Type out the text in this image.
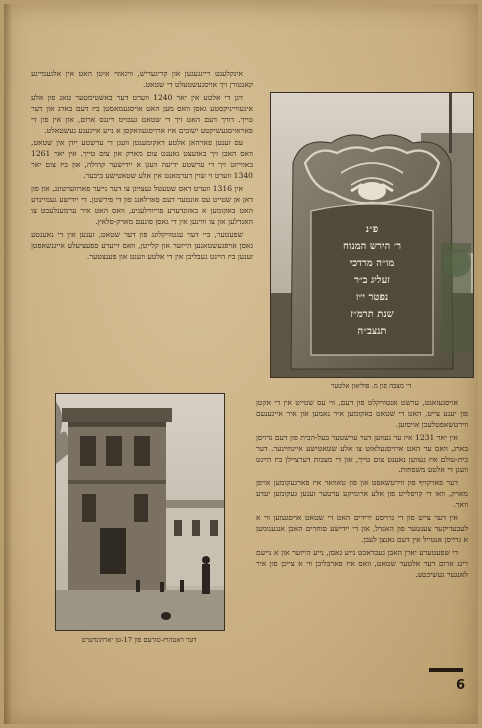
אינקלעגט ריינגעגען און קריגעריש, וויגאזוי איטן האט אין אלגעמיינע קאנטורן זיך אויסגעשטעלט די שטאט.

זיגן די אלטע אין יאר 1240 ווערט דער באשטימטער טאג פון אלע אינעווייניקסטע גאסן וואס מען האט אויסגעמאסטן ביז דעם בארג און דער טייך. דורך דעם האט זיך די שטאט געבויט רינגס ארום, און אין פון די פאראויסגעשיקטע ישובים איז ארויסגעוואקסן א נייע אייגענע געשטאלט.

עס זענען פארהאן אלטע דאקומענטן וועגן די ערשטע ייִדן אין שטאט, וואס האבן זיך באזעצט נאענט צום מארק און צום טייך. אין יאר 1261 באווייזט זיך די ערשטע ידיעה וועגן א ייִדישער קהילה, און ביז צום יאר 1340 ווערט זי שוין דערמאנט אין אלע שטאטישע ביכער.

אין 1316 ווערט דאס שטעטל געצויגן צו דער נייער פארווערטונג, און פון דאן אן שטייט עס אונטער דעם פארלאנג פון די פירשטן. די ייִדישע געמיינדע האט באקומען א באזונדערע פריווילעגיע, וואס האט איר ערמעגלעכט צו האנדלען און צו וווינען אין די גאסן פונעם מארק-פלאץ.

שפעטער, ביי דער ענטוויקלונג פון דער שטאט, זענען אין די נאענטע גאסן אויפגעשטאנען הייזער און קלייטן, וואס זייערע ספעציעלע אייגנשאפטן זענען ביז היינט געבליבן אין די אלטע ווענט און פענצטער.

פ״נ
ר׳ הירש המנוח
מו״ה מרדכי
זעליג ב״ר
נפטר י״ז
שנת תרמ״ז
תנצב״ה
די מצבה פון מ. פוליאון אלטער
דער ראטהויז-טורעם פון 17-טן יארהונדערט

אויסגעזאגט, ערשט אנטוויקלט פון דעם, ווי עס שטייט אין די אקטן פון יענע צייט, האט די שטאט באקומען איר נאמען און איר אייגענעם ווירטשאפטלעכן אויסזען.

אין יאר 1231 איז ער געווען דער ערשטער בעל-הבית פון דעם גרויסן בארג, וואס ער האט ארויסגעלאזט צו אלע שטאטישע איינוווינער. דער בית-עולם איז געווען נאענט צום טייך, און די מצבות דערציילן ביז היינט וועגן די אלטע משפחות.

דער פארקויף פון ווירטשאפט און פון טאוואר איז פארגעקומען אויפן מארק, וואו די קויפלייט פון אלע ארומיקע ערטער זענען געקומען יעדע וואך.

אין דער צייט פון די גרויסע ירידים האט די שטאט אויסגעזען ווי א לעבעדיקער צענטער פון האנדל, און די ייִדישע סוחרים האבן אנגענומען א גרויסן אנטייל אין דעם גאנצן לעבן.

די שפעטערע יארן האבן געבראכט נייע גאסן, נייע הייזער און א נייעם רינג ארום דער אלטער שטאט, וואס איז פארבליבן ווי א צייכן פון איר לאנגער געשיכטע.

6
